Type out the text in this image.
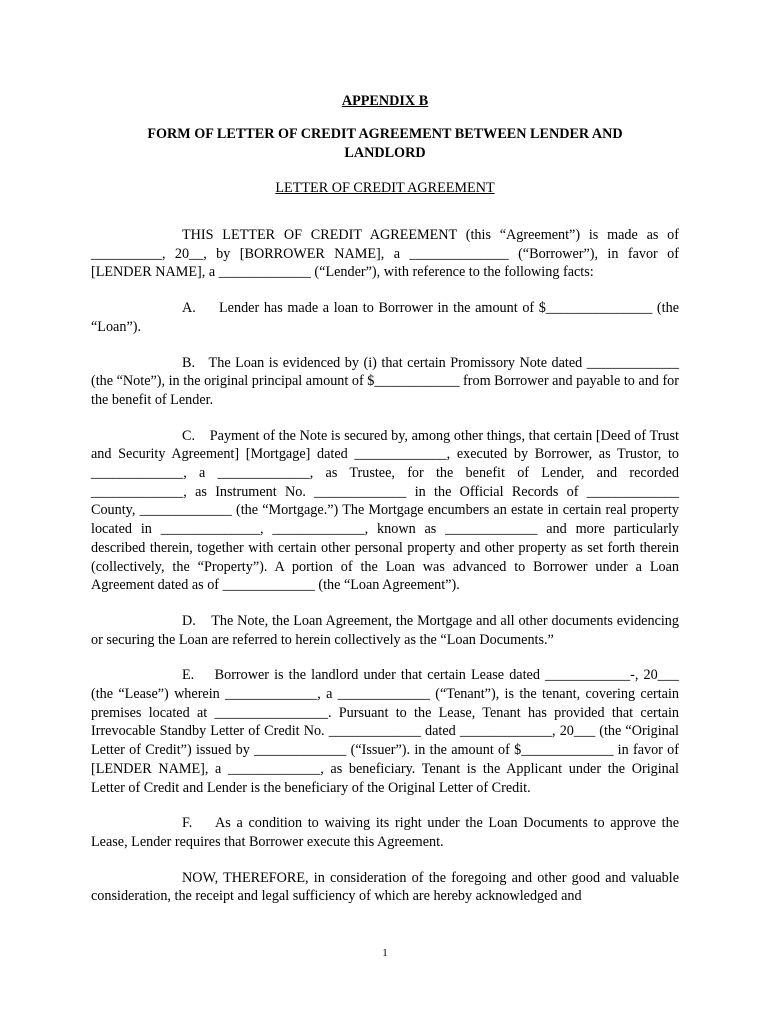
APPENDIX B
FORM OF LETTER OF CREDIT AGREEMENT BETWEEN LENDER AND LANDLORD
LETTER OF CREDIT AGREEMENT

THIS LETTER OF CREDIT AGREEMENT (this “Agreement”) is made as of __________, 20__, by [BORROWER NAME], a ______________ (“Borrower”), in favor of [LENDER NAME], a _____________ (“Lender”), with reference to the following facts:

A.     Lender has made a loan to Borrower in the amount of $_______________ (the “Loan”).

B.   The Loan is evidenced by (i) that certain Promissory Note dated _____________ (the “Note”), in the original principal amount of $____________ from Borrower and payable to and for the benefit of Lender.

C.    Payment of the Note is secured by, among other things, that certain [Deed of Trust and Security Agreement] [Mortgage] dated _____________, executed by Borrower, as Trustor, to _____________, a _____________, as Trustee, for the benefit of Lender, and recorded _____________, as Instrument No. _____________ in the Official Records of _____________ County, _____________ (the “Mortgage.”) The Mortgage encumbers an estate in certain real property located in ______________, _____________, known as _____________ and more particularly described therein, together with certain other personal property and other property as set forth therein (collectively, the “Property”). A portion of the Loan was advanced to Borrower under a Loan Agreement dated as of _____________ (the “Loan Agreement”).

D.    The Note, the Loan Agreement, the Mortgage and all other documents evidencing or securing the Loan are referred to herein collectively as the “Loan Documents.”

E.    Borrower is the landlord under that certain Lease dated ____________-, 20___ (the “Lease”) wherein _____________, a _____________ (“Tenant”), is the tenant, covering certain premises located at ________________. Pursuant to the Lease, Tenant has provided that certain Irrevocable Standby Letter of Credit No. _____________ dated _____________, 20___ (the “Original Letter of Credit”) issued by _____________ (“Issuer”). in the amount of $_____________ in favor of [LENDER NAME], a _____________, as beneficiary. Tenant is the Applicant under the Original Letter of Credit and Lender is the beneficiary of the Original Letter of Credit.

F.    As a condition to waiving its right under the Loan Documents to approve the Lease, Lender requires that Borrower execute this Agreement.

NOW, THEREFORE, in consideration of the foregoing and other good and valuable consideration, the receipt and legal sufficiency of which are hereby acknowledged and

1
